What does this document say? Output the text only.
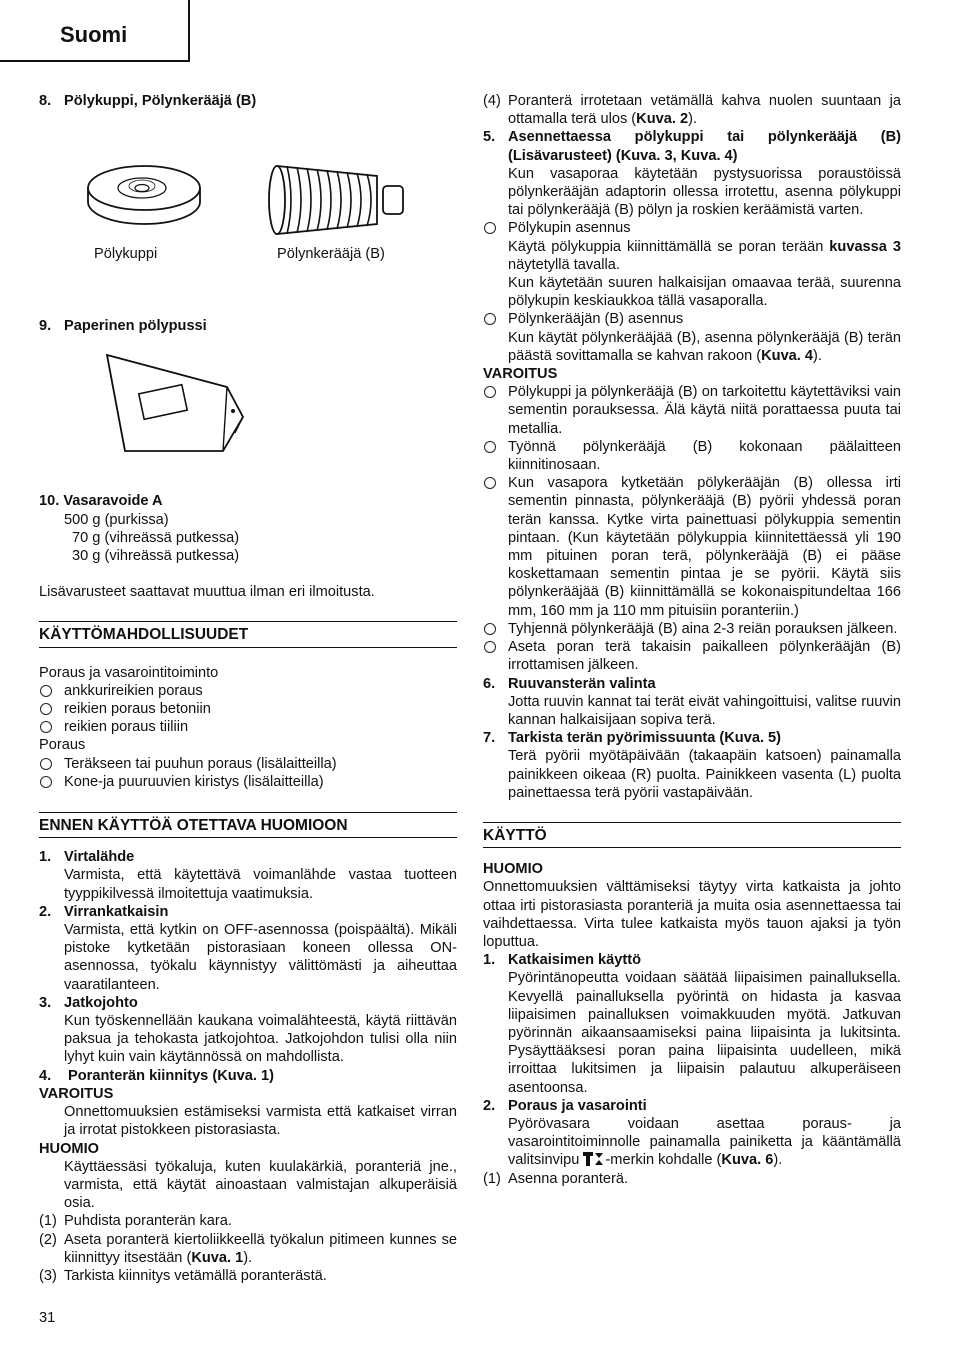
Suomi

8. Pölykuppi, Pölynkerääjä (B)

Pölykuppi	Pölynkerääjä (B)

9. Paperinen pölypussi

10. Vasaravoide A

500 g (purkissa)

70 g (vihreässä putkessa)

30 g (vihreässä putkessa)

Lisävarusteet saattavat muuttua ilman eri ilmoitusta.

KÄYTTÖMAHDOLLISUUDET

Poraus ja vasarointitoiminto

ankkurireikien poraus

reikien poraus betoniin

reikien poraus tiiliin

Poraus

Teräkseen tai puuhun poraus (lisälaitteilla)

Kone-ja puuruuvien kiristys (lisälaitteilla)

ENNEN KÄYTTÖÄ OTETTAVA HUOMIOON

1. Virtalähde

Varmista, että käytettävä voimanlähde vastaa tuotteen tyyppikilvessä ilmoitettuja vaatimuksia.

2. Virrankatkaisin

Varmista, että kytkin on OFF-asennossa (poispäältä). Mikäli pistoke kytketään pistorasiaan koneen ollessa ON-asennossa, työkalu käynnistyy välittömästi ja aiheuttaa vaaratilanteen.

3. Jatkojohto

Kun työskennellään kaukana voimalähteestä, käytä riittävän paksua ja tehokasta jatkojohtoa. Jatkojohdon tulisi olla niin lyhyt kuin vain käytännössä on mahdollista.

4. Poranterän kiinnitys (Kuva. 1)

VAROITUS

Onnettomuuksien estämiseksi varmista että katkaiset virran ja irrotat pistokkeen pistorasiasta.

HUOMIO

Käyttäessäsi työkaluja, kuten kuulakärkiä, poranteriä jne., varmista, että käytät ainoastaan valmistajan alkuperäisiä osia.

(1) Puhdista poranterän kara.

(2) Aseta poranterä kiertoliikkeellä työkalun pitimeen kunnes se kiinnittyy itsestään (Kuva. 1).

(3) Tarkista kiinnitys vetämällä poranterästä.

(4) Poranterä irrotetaan vetämällä kahva nuolen suuntaan ja ottamalla terä ulos (Kuva. 2).

5. Asennettaessa pölykuppi tai pölynkerääjä (B) (Lisävarusteet) (Kuva. 3, Kuva. 4)

Kun vasaporaa käytetään pystysuorissa poraustöissä pölynkerääjän adaptorin ollessa irrotettu, asenna pölykuppi tai pölynkerääjä (B) pölyn ja roskien keräämistä varten.

Pölykupin asennus

Käytä pölykuppia kiinnittämällä se poran terään kuvassa 3 näytetyllä tavalla.

Kun käytetään suuren halkaisijan omaavaa terää, suurenna pölykupin keskiaukkoa tällä vasaporalla.

Pölynkerääjän (B) asennus

Kun käytät pölynkerääjää (B), asenna pölynkerääjä (B) terän päästä sovittamalla se kahvan rakoon (Kuva. 4).

VAROITUS

Pölykuppi ja pölynkerääjä (B) on tarkoitettu käytettäviksi vain sementin porauksessa. Älä käytä niitä porattaessa puuta tai metallia.

Työnnä pölynkerääjä (B) kokonaan päälaitteen kiinnitinosaan.

Kun vasapora kytketään pölykerääjän (B) ollessa irti sementin pinnasta, pölynkerääjä (B) pyörii yhdessä poran terän kanssa. Kytke virta painettuasi pölykuppia sementin pintaan. (Kun käytetään pölykuppia kiinnitettäessä yli 190 mm pituinen poran terä, pölynkerääjä (B) ei pääse koskettamaan sementin pintaa je se pyörii. Käytä siis pölynkerääjää (B) kiinnittämällä se kokonaispitundeltaa 166 mm, 160 mm ja 110 mm pituisiin poranteriin.)

Tyhjennä pölynkerääjä (B) aina 2-3 reiän porauksen jälkeen.

Aseta poran terä takaisin paikalleen pölynkerääjän (B) irrottamisen jälkeen.

6. Ruuvansterän valinta

Jotta ruuvin kannat tai terät eivät vahingoittuisi, valitse ruuvin kannan halkaisijaan sopiva terä.

7. Tarkista terän pyörimissuunta (Kuva. 5)

Terä pyörii myötäpäivään (takaapäin katsoen) painamalla painikkeen oikeaa (R) puolta. Painikkeen vasenta (L) puolta painettaessa terä pyörii vastapäivään.

KÄYTTÖ

HUOMIO

Onnettomuuksien välttämiseksi täytyy virta katkaista ja johto ottaa irti pistorasiasta poranteriä ja muita osia asennettaessa tai vaihdettaessa. Virta tulee katkaista myös tauon ajaksi ja työn loputtua.

1. Katkaisimen käyttö

Pyörintänopeutta voidaan säätää liipaisimen painalluksella. Kevyellä painalluksella pyörintä on hidasta ja kasvaa liipaisimen painalluksen voimakkuuden myötä. Jatkuvan pyörinnän aikaansaamiseksi paina liipaisinta ja lukitsinta. Pysäyttääksesi poran paina liipaisinta uudelleen, mikä irroittaa lukitsimen ja liipaisin palautuu alkuperäiseen asentoonsa.

2. Poraus ja vasarointi

Pyörövasara voidaan asettaa poraus- ja vasarointitoiminnolle painamalla painiketta ja kääntämällä valitsinvipu -merkin kohdalle (Kuva. 6).

(1) Asenna poranterä.

31
